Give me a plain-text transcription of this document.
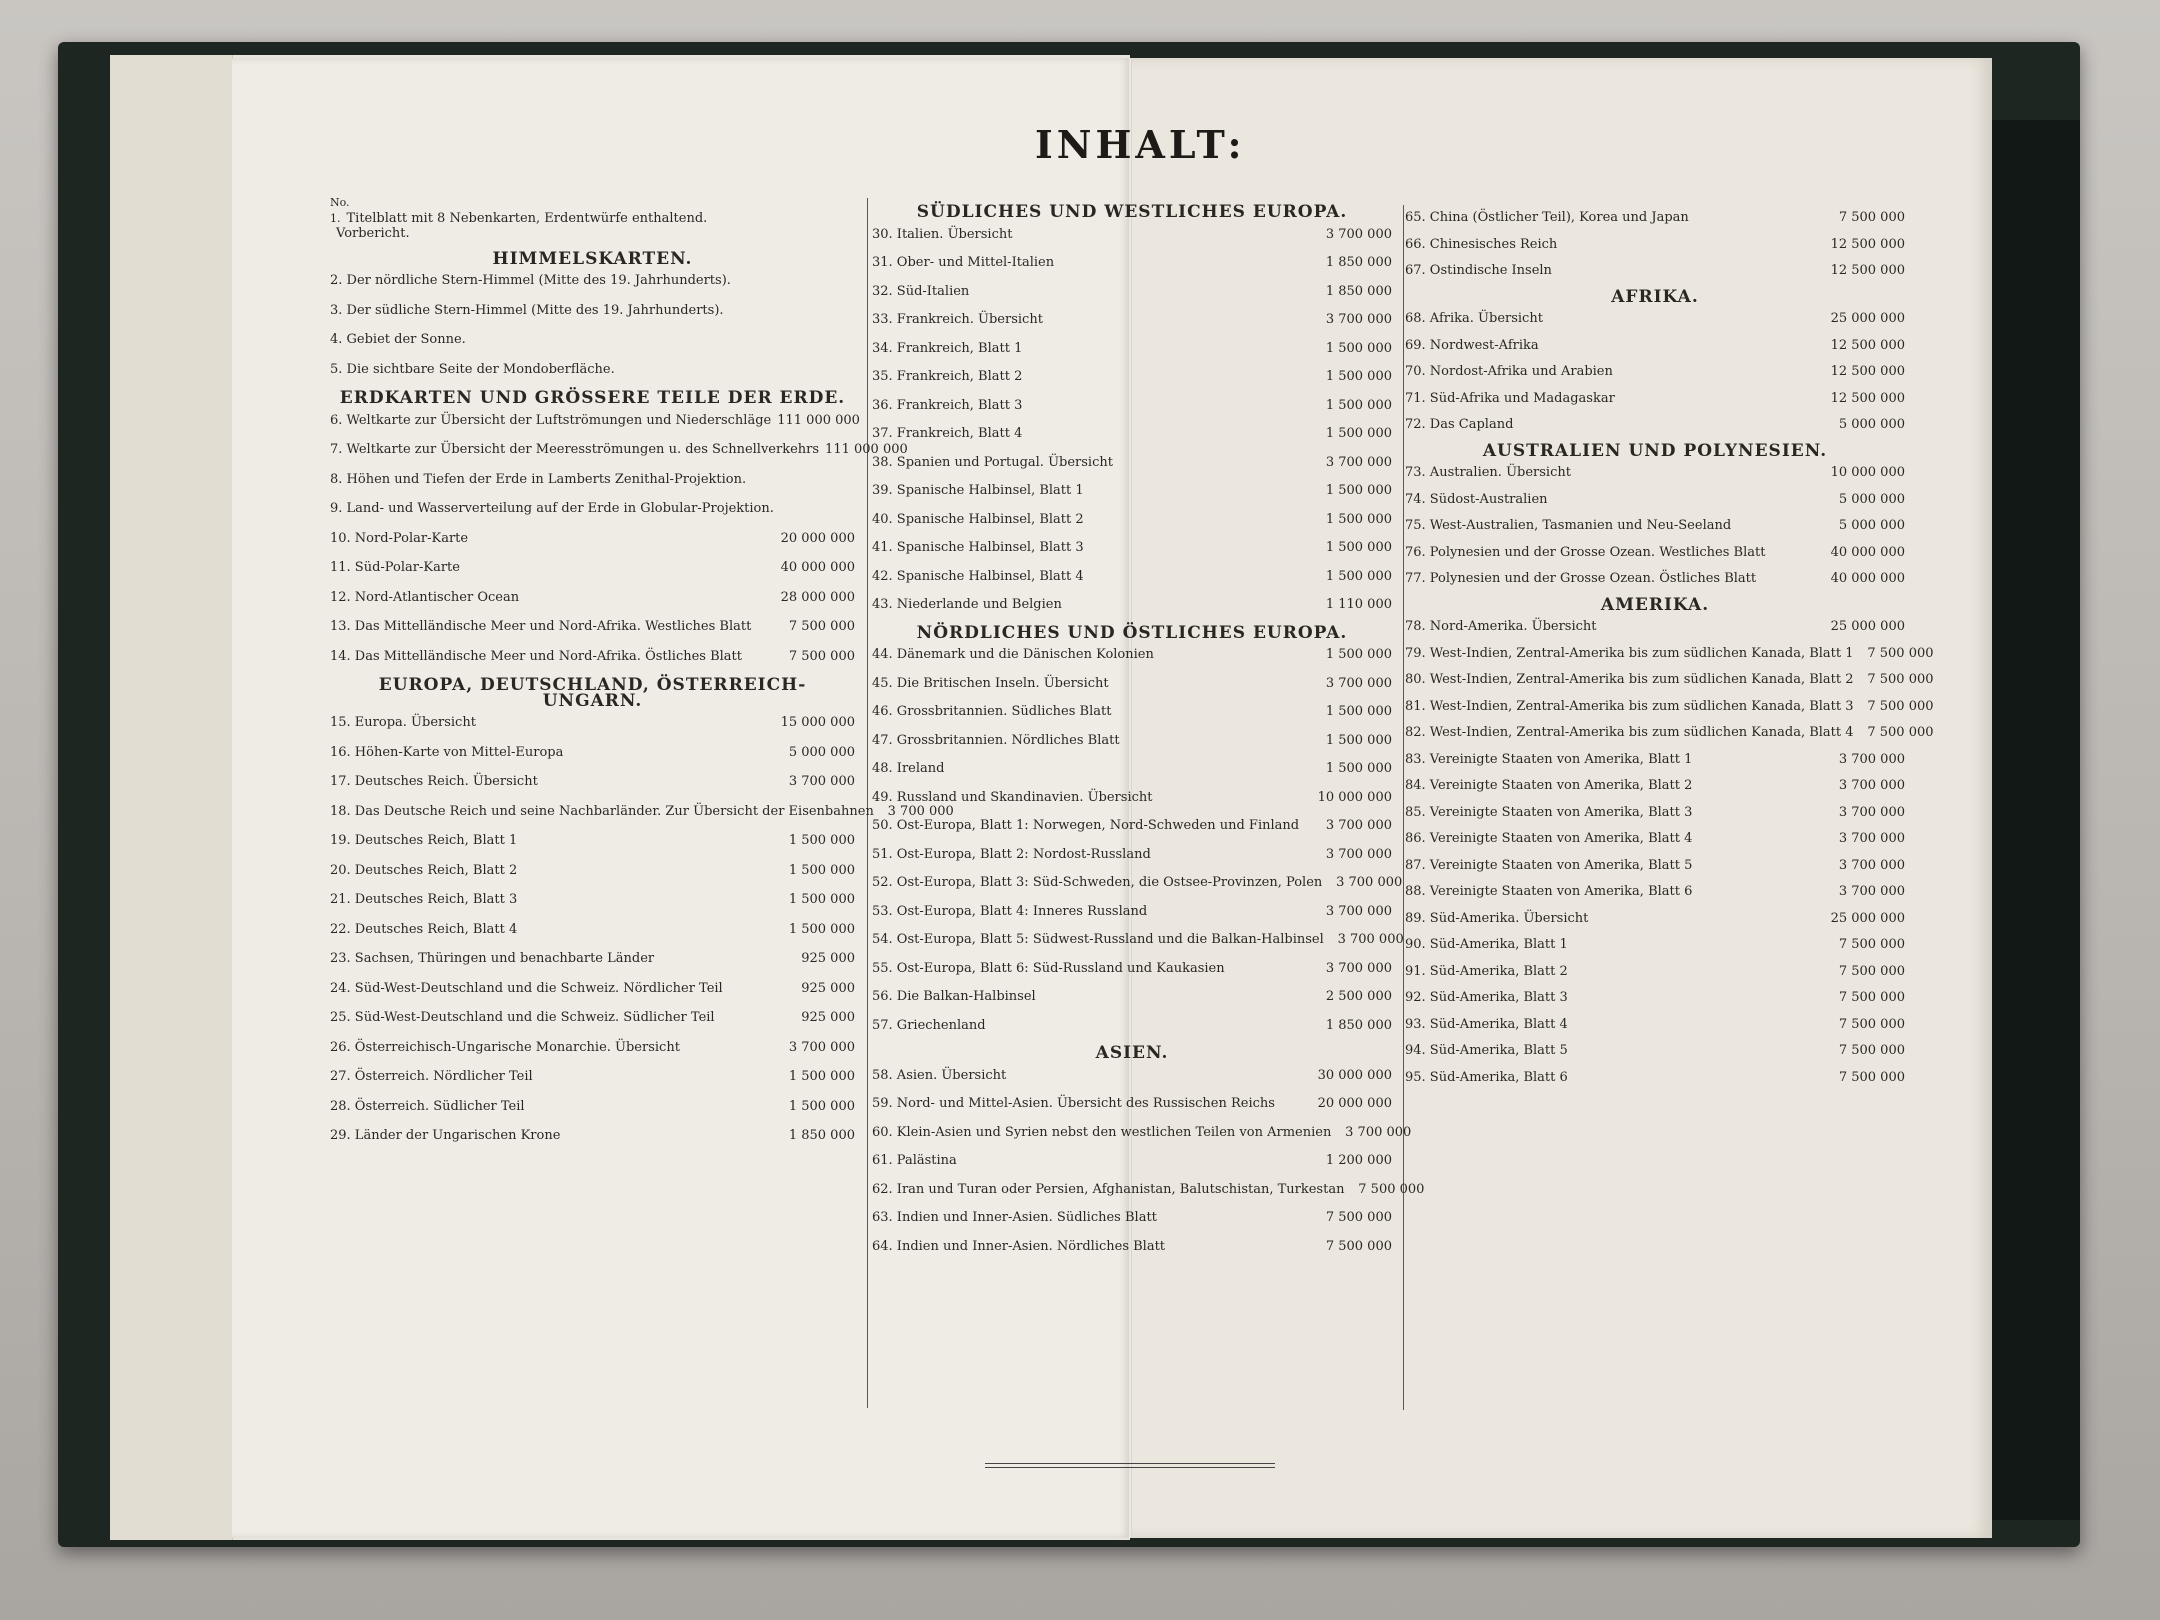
INHALT:
No.
1. Titelblatt mit 8 Nebenkarten, Erdentwürfe enthaltend.
Vorbericht.
HIMMELSKARTEN.
2. Der nördliche Stern-Himmel (Mitte des 19. Jahrhunderts).
3. Der südliche Stern-Himmel (Mitte des 19. Jahrhunderts).
4. Gebiet der Sonne.
5. Die sichtbare Seite der Mondoberfläche.
ERDKARTEN UND GRÖSSERE TEILE DER ERDE.
6. Weltkarte zur Übersicht der Luftströmungen und Niederschläge 111 000 000
7. Weltkarte zur Übersicht der Meeresströmungen u. des Schnellverkehrs 111 000 000
8. Höhen und Tiefen der Erde in Lamberts Zenithal-Projektion.
9. Land- und Wasserverteilung auf der Erde in Globular-Projektion.
10. Nord-Polar-Karte	20 000 000
11. Süd-Polar-Karte	40 000 000
12. Nord-Atlantischer Ocean	28 000 000
13. Das Mittelländische Meer und Nord-Afrika. Westliches Blatt	7 500 000
14. Das Mittelländische Meer und Nord-Afrika. Östliches Blatt	7 500 000
EUROPA, DEUTSCHLAND, ÖSTERREICH-UNGARN.
15. Europa. Übersicht	15 000 000
16. Höhen-Karte von Mittel-Europa	5 000 000
17. Deutsches Reich. Übersicht	3 700 000
18. Das Deutsche Reich und seine Nachbarländer. Zur Übersicht der Eisenbahnen	3 700 000
19. Deutsches Reich, Blatt 1	1 500 000
20. Deutsches Reich, Blatt 2	1 500 000
21. Deutsches Reich, Blatt 3	1 500 000
22. Deutsches Reich, Blatt 4	1 500 000
23. Sachsen, Thüringen und benachbarte Länder	925 000
24. Süd-West-Deutschland und die Schweiz. Nördlicher Teil	925 000
25. Süd-West-Deutschland und die Schweiz. Südlicher Teil	925 000
26. Österreichisch-Ungarische Monarchie. Übersicht	3 700 000
27. Österreich. Nördlicher Teil	1 500 000
28. Österreich. Südlicher Teil	1 500 000
29. Länder der Ungarischen Krone	1 850 000
SÜDLICHES UND WESTLICHES EUROPA.
30. Italien. Übersicht	3 700 000
31. Ober- und Mittel-Italien	1 850 000
32. Süd-Italien	1 850 000
33. Frankreich. Übersicht	3 700 000
34. Frankreich, Blatt 1	1 500 000
35. Frankreich, Blatt 2	1 500 000
36. Frankreich, Blatt 3	1 500 000
37. Frankreich, Blatt 4	1 500 000
38. Spanien und Portugal. Übersicht	3 700 000
39. Spanische Halbinsel, Blatt 1	1 500 000
40. Spanische Halbinsel, Blatt 2	1 500 000
41. Spanische Halbinsel, Blatt 3	1 500 000
42. Spanische Halbinsel, Blatt 4	1 500 000
43. Niederlande und Belgien	1 110 000
NÖRDLICHES UND ÖSTLICHES EUROPA.
44. Dänemark und die Dänischen Kolonien	1 500 000
45. Die Britischen Inseln. Übersicht	3 700 000
46. Grossbritannien. Südliches Blatt	1 500 000
47. Grossbritannien. Nördliches Blatt	1 500 000
48. Ireland	1 500 000
49. Russland und Skandinavien. Übersicht	10 000 000
50. Ost-Europa, Blatt 1: Norwegen, Nord-Schweden und Finland	3 700 000
51. Ost-Europa, Blatt 2: Nordost-Russland	3 700 000
52. Ost-Europa, Blatt 3: Süd-Schweden, die Ostsee-Provinzen, Polen	3 700 000
53. Ost-Europa, Blatt 4: Inneres Russland	3 700 000
54. Ost-Europa, Blatt 5: Südwest-Russland und die Balkan-Halbinsel	3 700 000
55. Ost-Europa, Blatt 6: Süd-Russland und Kaukasien	3 700 000
56. Die Balkan-Halbinsel	2 500 000
57. Griechenland	1 850 000
ASIEN.
58. Asien. Übersicht	30 000 000
59. Nord- und Mittel-Asien. Übersicht des Russischen Reichs	20 000 000
60. Klein-Asien und Syrien nebst den westlichen Teilen von Armenien	3 700 000
61. Palästina	1 200 000
62. Iran und Turan oder Persien, Afghanistan, Balutschistan, Turkestan	7 500 000
63. Indien und Inner-Asien. Südliches Blatt	7 500 000
64. Indien und Inner-Asien. Nördliches Blatt	7 500 000
65. China (Östlicher Teil), Korea und Japan	7 500 000
66. Chinesisches Reich	12 500 000
67. Ostindische Inseln	12 500 000
AFRIKA.
68. Afrika. Übersicht	25 000 000
69. Nordwest-Afrika	12 500 000
70. Nordost-Afrika und Arabien	12 500 000
71. Süd-Afrika und Madagaskar	12 500 000
72. Das Capland	5 000 000
AUSTRALIEN UND POLYNESIEN.
73. Australien. Übersicht	10 000 000
74. Südost-Australien	5 000 000
75. West-Australien, Tasmanien und Neu-Seeland	5 000 000
76. Polynesien und der Grosse Ozean. Westliches Blatt	40 000 000
77. Polynesien und der Grosse Ozean. Östliches Blatt	40 000 000
AMERIKA.
78. Nord-Amerika. Übersicht	25 000 000
79. West-Indien, Zentral-Amerika bis zum südlichen Kanada, Blatt 1	7 500 000
80. West-Indien, Zentral-Amerika bis zum südlichen Kanada, Blatt 2	7 500 000
81. West-Indien, Zentral-Amerika bis zum südlichen Kanada, Blatt 3	7 500 000
82. West-Indien, Zentral-Amerika bis zum südlichen Kanada, Blatt 4	7 500 000
83. Vereinigte Staaten von Amerika, Blatt 1	3 700 000
84. Vereinigte Staaten von Amerika, Blatt 2	3 700 000
85. Vereinigte Staaten von Amerika, Blatt 3	3 700 000
86. Vereinigte Staaten von Amerika, Blatt 4	3 700 000
87. Vereinigte Staaten von Amerika, Blatt 5	3 700 000
88. Vereinigte Staaten von Amerika, Blatt 6	3 700 000
89. Süd-Amerika. Übersicht	25 000 000
90. Süd-Amerika, Blatt 1	7 500 000
91. Süd-Amerika, Blatt 2	7 500 000
92. Süd-Amerika, Blatt 3	7 500 000
93. Süd-Amerika, Blatt 4	7 500 000
94. Süd-Amerika, Blatt 5	7 500 000
95. Süd-Amerika, Blatt 6	7 500 000
